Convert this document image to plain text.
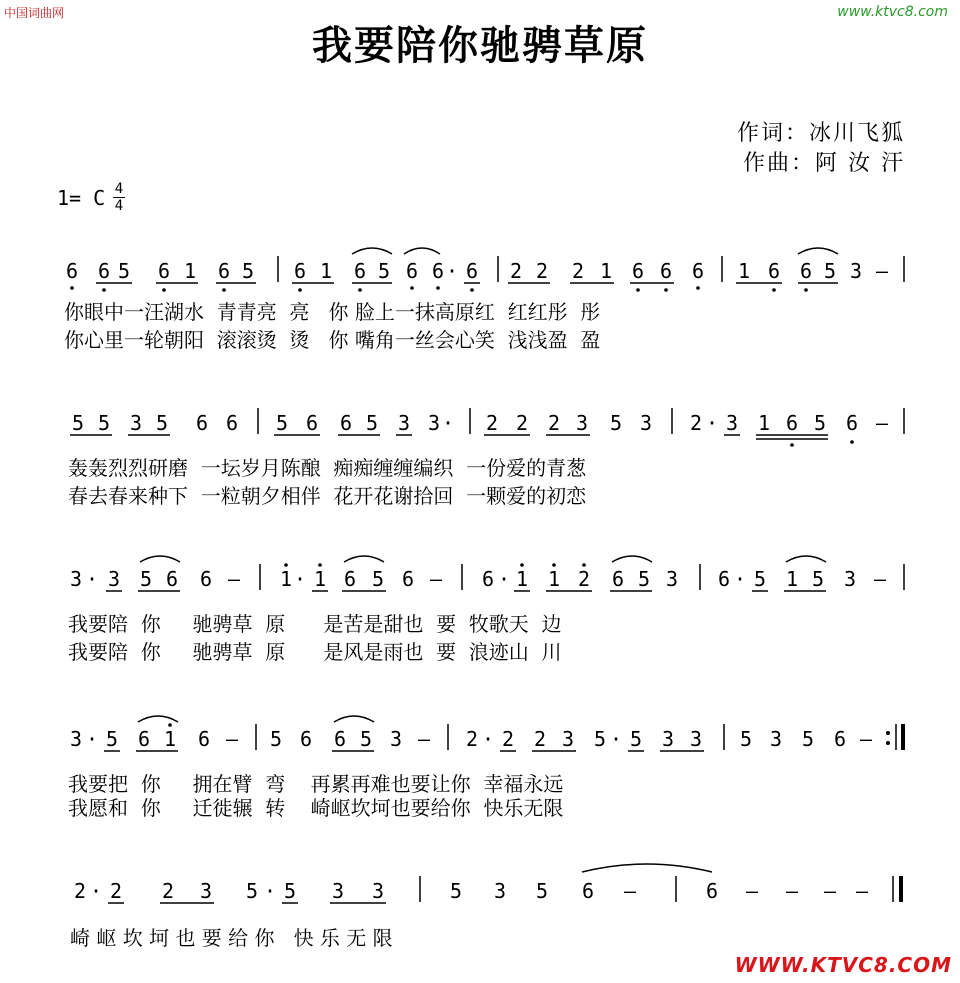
中国词曲网	www.ktvc8.com
我要陪你驰骋草原
作词：冰川飞狐
作曲：阿 汝 汗
1= C 4
4
6 6 5 6 1 6 5 6 1 6 5 6 6 · 6 2 2 2 1 6 6 6 1 6 6 5 3 –
5 5 3 5 6 6 5 6 6 5 3 3 · 2 2 2 3 5 3 2 · 3 1 6 5 6 –
3 · 3 5 6 6 – 1 · 1 6 5 6 – 6 · 1 1 2 6 5 3 6 · 5 1 5 3 –
3 · 5 6 1 6 – 5 6 6 5 3 – 2 · 2 2 3 5 · 5 3 3 5 3 5 6 –
2 · 2 2 3 5 · 5 3 3	5 3 5 6 –	6 – – – –
你眼中一汪湖水  青青亮  亮   你 脸上一抹高原红  红红彤  彤
你心里一轮朝阳  滚滚烫  烫   你 嘴角一丝会心笑  浅浅盈  盈
轰轰烈烈研磨  一坛岁月陈酿  痴痴缠缠编织  一份爱的青葱
春去春来种下  一粒朝夕相伴  花开花谢拾回  一颗爱的初恋
我要陪  你     驰骋草  原      是苦是甜也  要  牧歌天  边
我要陪  你     驰骋草  原      是风是雨也  要  浪迹山  川
我要把  你     拥在臂  弯    再累再难也要让你  幸福永远
我愿和  你     迁徙辗  转    崎岖坎坷也要给你  快乐无限
崎 岖 坎 坷 也 要 给 你   快 乐 无 限
WWW.KTVC8.COM
